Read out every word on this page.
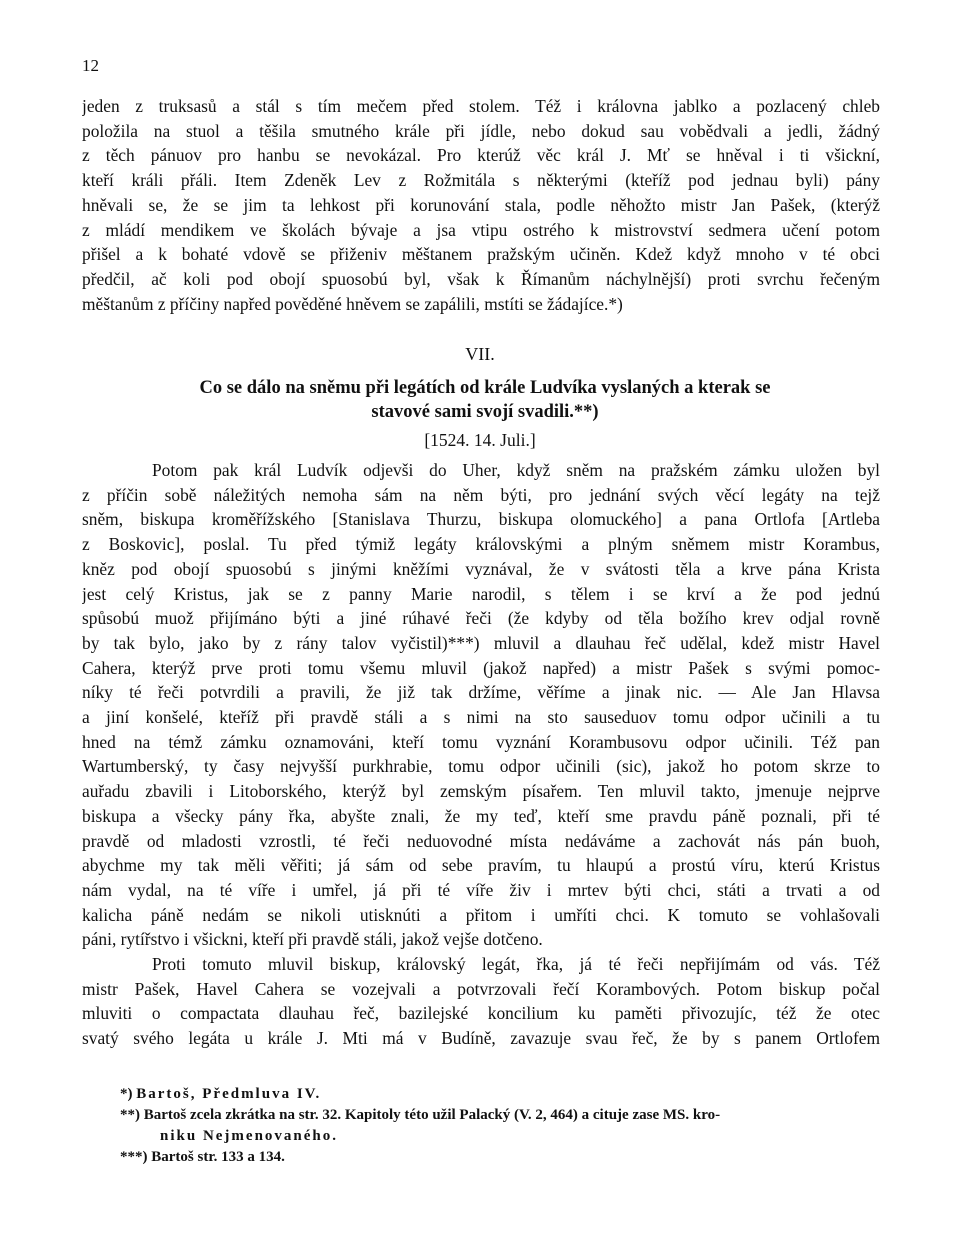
12
jeden z truksasů a stál s tím mečem před stolem. Též i královna jablko a pozlacený chleb
položila na stuol a těšila smutného krále při jídle, nebo dokud sau vobědvali a jedli, žádný
z těch pánuov pro hanbu se nevokázal. Pro kterúž věc král J. Mť se hněval i ti všickní,
kteří králi přáli. Item Zdeněk Lev z Rožmitála s některými (kteříž pod jednau byli) pány
hněvali se, že se jim ta lehkost při korunování stala, podle něhožto mistr Jan Pašek, (kterýž
z mládí mendikem ve školách bývaje a jsa vtipu ostrého k mistrovství sedmera učení potom
přišel a k bohaté vdově se přiženiv měštanem pražským učiněn. Kdež když mnoho v té obci
předčil, ač koli pod obojí spuosobú byl, však k Římanům náchylnější) proti svrchu řečeným
měštanům z příčiny napřed pověděné hněvem se zapálili, mstíti se žádajíce.*)
VII.
Co se dálo na sněmu při legátích od krále Ludvíka vyslaných a kterak se
stavové sami svojí svadili.**)
[1524. 14. Juli.]
Potom pak král Ludvík odjevši do Uher, když sněm na pražském zámku uložen byl
z příčin sobě náležitých nemoha sám na něm býti, pro jednání svých věcí legáty na tejž
sněm, biskupa kroměřížského [Stanislava Thurzu, biskupa olomuckého] a pana Ortlofa [Artleba
z Boskovic], poslal. Tu před týmiž legáty královskými a plným sněmem mistr Korambus,
kněz pod obojí spuosobú s jinými kněžími vyznával, že v svátosti těla a krve pána Krista
jest celý Kristus, jak se z panny Marie narodil, s tělem i se krví a že pod jednú
spůsobú muož přijímáno býti a jiné rúhavé řeči (že kdyby od těla božího krev odjal rovně
by tak bylo, jako by z rány talov vyčistil)***) mluvil a dlauhau řeč udělal, kdež mistr Havel
Cahera, kterýž prve proti tomu všemu mluvil (jakož napřed) a mistr Pašek s svými pomoc-
níky té řeči potvrdili a pravili, že již tak držíme, věříme a jinak nic. — Ale Jan Hlavsa
a jiní konšelé, kteříž při pravdě stáli a s nimi na sto sauseduov tomu odpor učinili a tu
hned na témž zámku oznamováni, kteří tomu vyznání Korambusovu odpor učinili. Též pan
Wartumberský, ty časy nejvyšší purkhrabie, tomu odpor učinili (sic), jakož ho potom skrze to
auřadu zbavili i Litoborského, kterýž byl zemským písařem. Ten mluvil takto, jmenuje nejprve
biskupa a všecky pány řka, abyšte znali, že my teď, kteří sme pravdu páně poznali, při té
pravdě od mladosti vzrostli, té řeči neduovodné místa nedáváme a zachovát nás pán buoh,
abychme my tak měli věřiti; já sám od sebe pravím, tu hlaupú a prostú víru, kterú Kristus
nám vydal, na té víře i umřel, já při té víře živ i mrtev býti chci, státi a trvati a od
kalicha páně nedám se nikoli utisknúti a přitom i umříti chci. K tomuto se vohlašovali
páni, rytířstvo i všickni, kteří při pravdě stáli, jakož vejše dotčeno.
Proti tomuto mluvil biskup, královský legát, řka, já té řeči nepřijímám od vás. Též
mistr Pašek, Havel Cahera se vozejvali a potvrzovali řečí Korambových. Potom biskup počal
mluviti o compactata dlauhau řeč, bazilejské koncilium ku paměti přivozujíc, též že otec
svatý svého legáta u krále J. Mti má v Budíně, zavazuje svau řeč, že by s panem Ortlofem
*) Bartoš, Předmluva IV.
**) Bartoš zcela zkrátka na str. 32. Kapitoly této užil Palacký (V. 2, 464) a cituje zase MS. kro-
niku Nejmenovaného.
***) Bartoš str. 133 a 134.
